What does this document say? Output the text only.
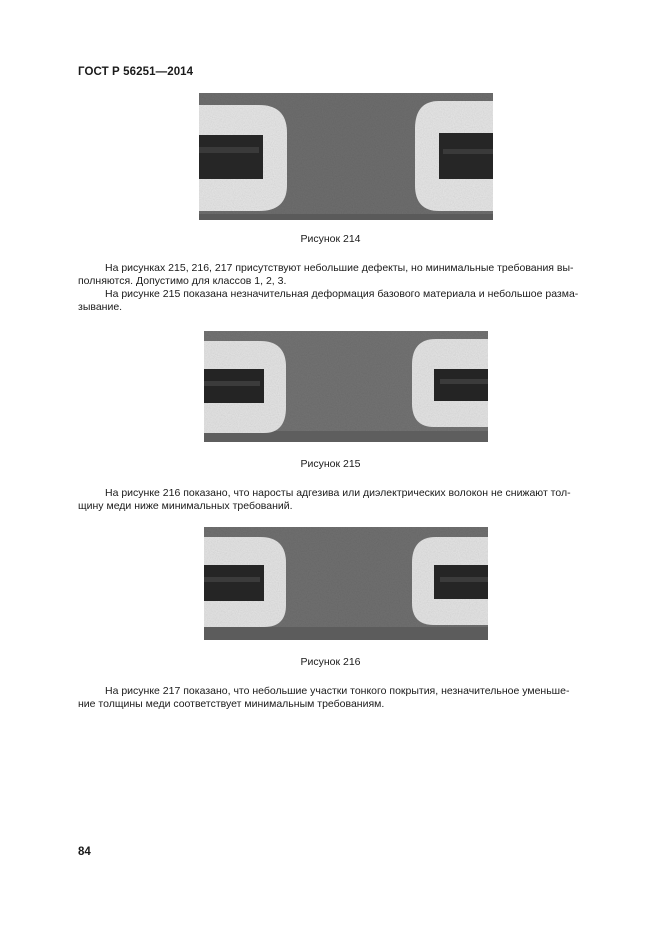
ГОСТ Р 56251—2014
Рисунок 214

На рисунках 215, 216, 217 присутствуют небольшие дефекты, но минимальные требования вы-

полняются. Допустимо для классов 1, 2, 3.

На рисунке 215 показана незначительная деформация базового материала и небольшое разма-

зывание.
Рисунок 215

На рисунке 216 показано, что наросты адгезива или диэлектрических волокон не снижают тол-

щину меди ниже минимальных требований.
Рисунок 216

На рисунке 217 показано, что небольшие участки тонкого покрытия, незначительное уменьше-

ние толщины меди соответствует минимальным требованиям.
84
